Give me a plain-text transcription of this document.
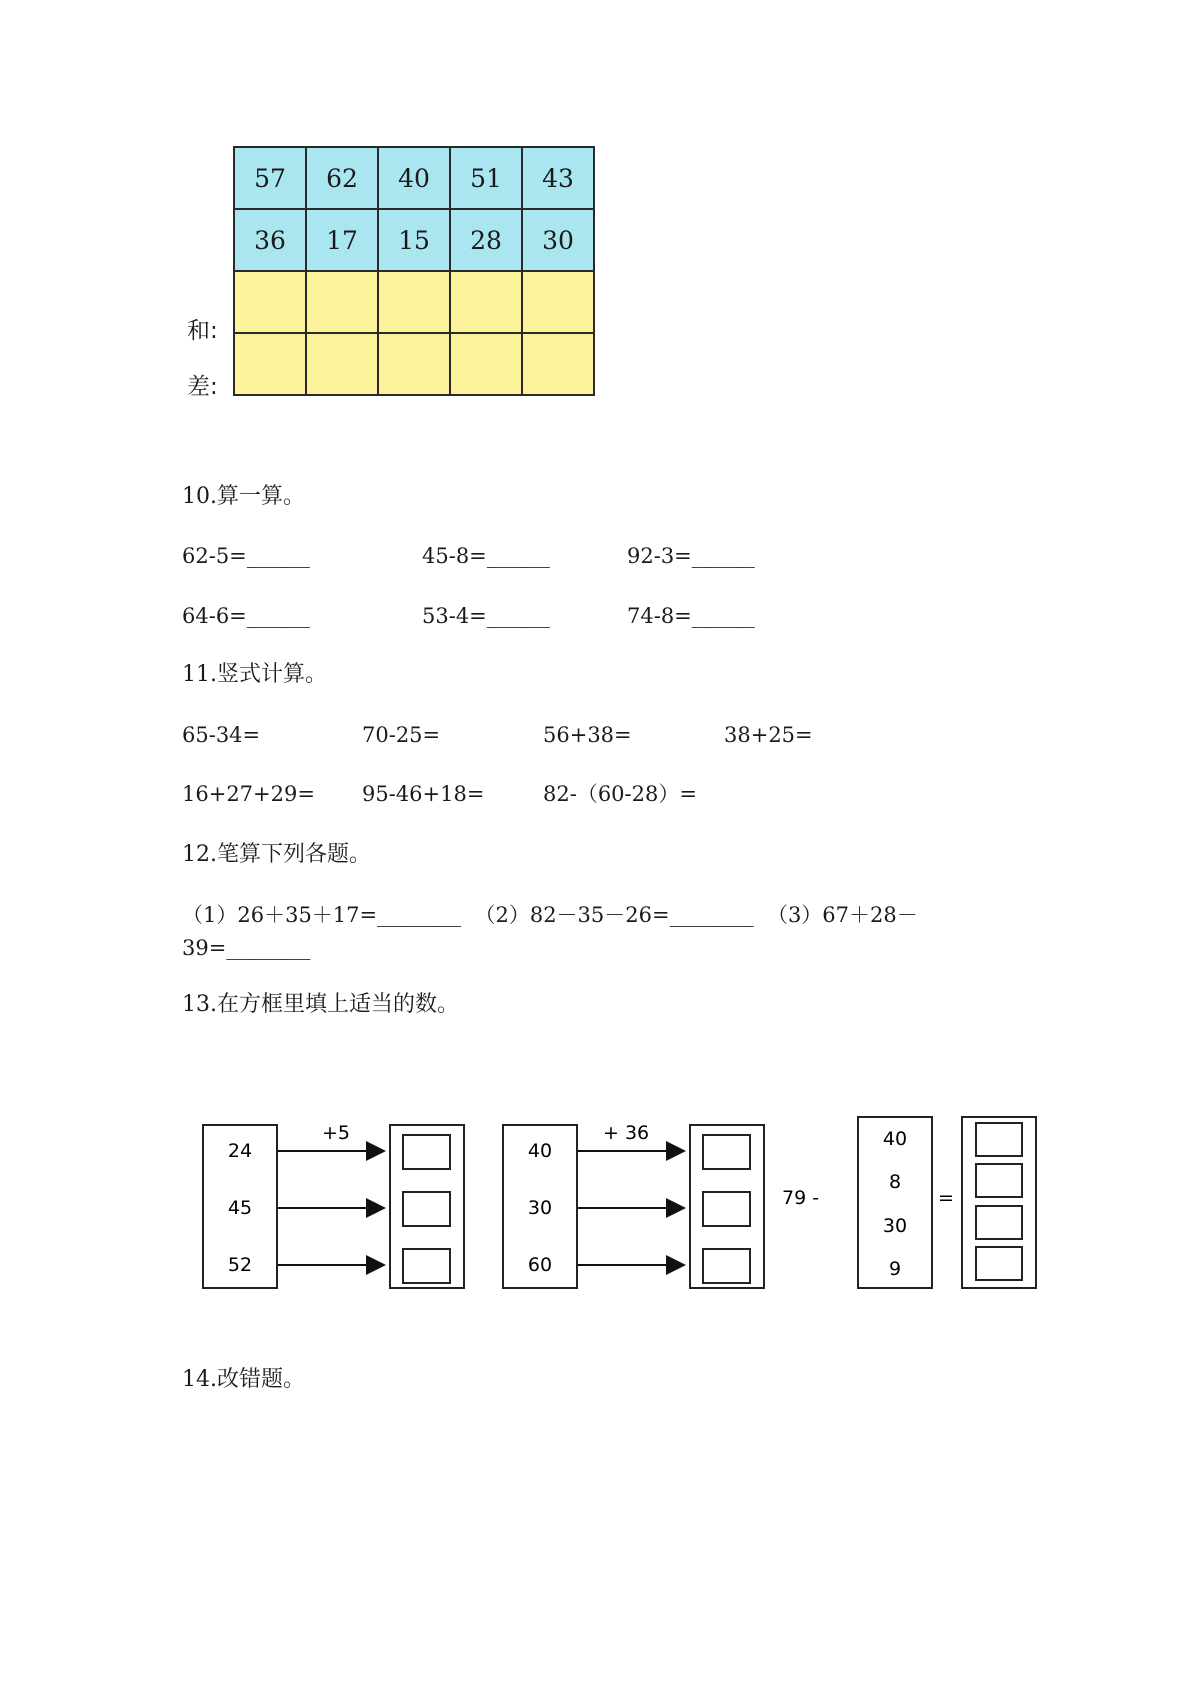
57	62	40	51	43
36	17	15	28	30

和:
差:
10.算一算。
62-5=______	45-8=______	92-3=______
64-6=______	53-4=______	74-8=______
11.竖式计算。
65-34=	70-25=	56+38=	38+25=
16+27+29= 95-46+18=	82-（60-28）=
12.笔算下列各题。
（1）26＋35＋17=________  （2）82－35－26=________  （3）67＋28－
39=________
13.在方框里填上适当的数。
24
45
52
+5
40
30
60
+ 36
79 -
40
8
30
9
=
14.改错题。
